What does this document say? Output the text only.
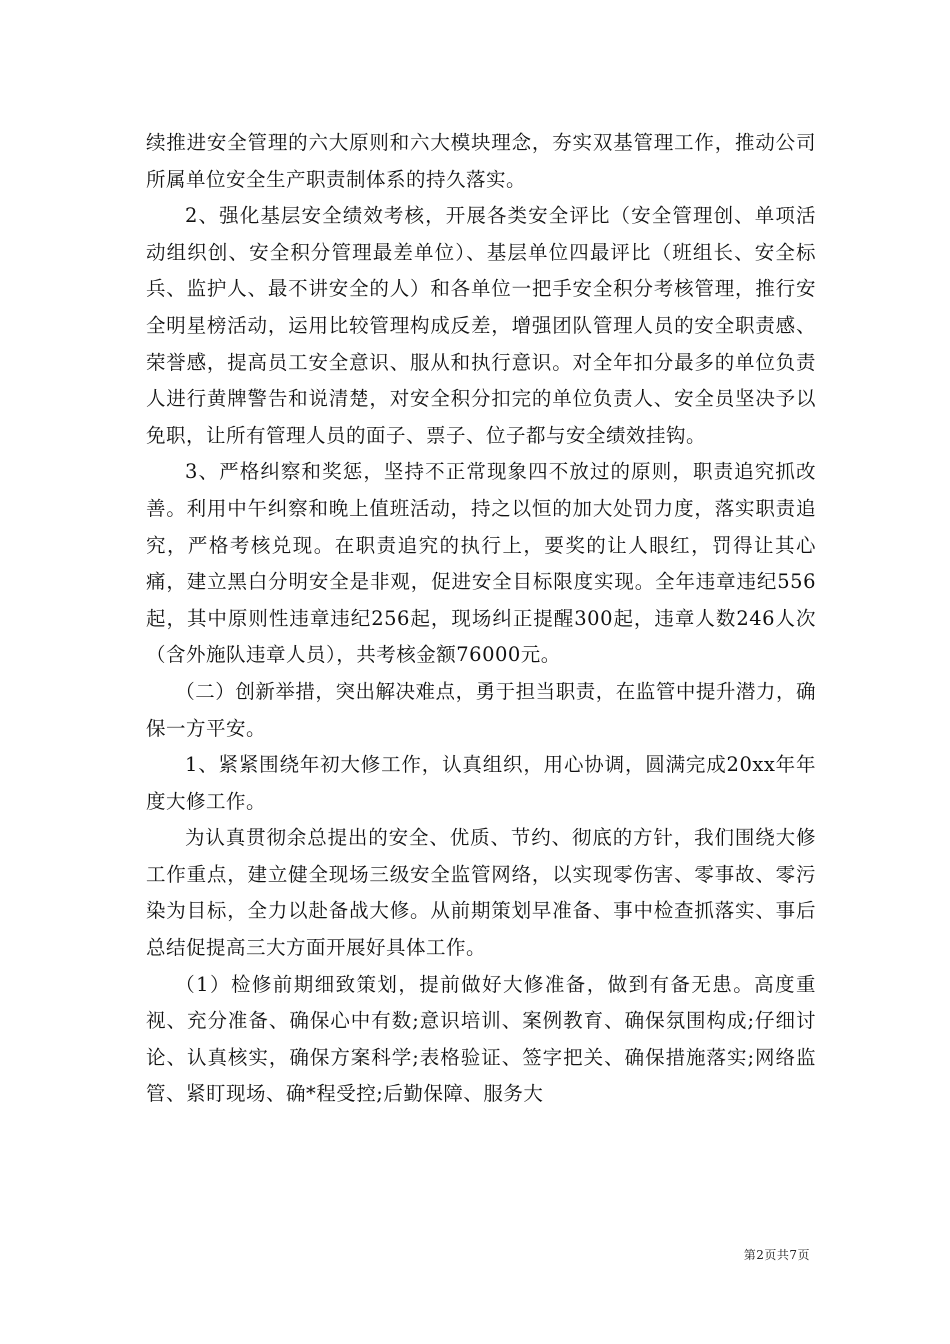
续推进安全管理的六大原则和六大模块理念，夯实双基管理工作，推动公司所属单位安全生产职责制体系的持久落实。

2、强化基层安全绩效考核，开展各类安全评比（安全管理创、单项活动组织创、安全积分管理最差单位）、基层单位四最评比（班组长、安全标兵、监护人、最不讲安全的人）和各单位一把手安全积分考核管理，推行安全明星榜活动，运用比较管理构成反差，增强团队管理人员的安全职责感、荣誉感，提高员工安全意识、服从和执行意识。对全年扣分最多的单位负责人进行黄牌警告和说清楚，对安全积分扣完的单位负责人、安全员坚决予以免职，让所有管理人员的面子、票子、位子都与安全绩效挂钩。

3、严格纠察和奖惩，坚持不正常现象四不放过的原则，职责追究抓改善。利用中午纠察和晚上值班活动，持之以恒的加大处罚力度，落实职责追究，严格考核兑现。在职责追究的执行上，要奖的让人眼红，罚得让其心痛，建立黑白分明安全是非观，促进安全目标限度实现。全年违章违纪556起，其中原则性违章违纪256起，现场纠正提醒300起，违章人数246人次（含外施队违章人员），共考核金额76000元。

（二）创新举措，突出解决难点，勇于担当职责，在监管中提升潜力，确保一方平安。

1、紧紧围绕年初大修工作，认真组织，用心协调，圆满完成20xx年年度大修工作。

为认真贯彻余总提出的安全、优质、节约、彻底的方针，我们围绕大修工作重点，建立健全现场三级安全监管网络，以实现零伤害、零事故、零污染为目标，全力以赴备战大修。从前期策划早准备、事中检查抓落实、事后总结促提高三大方面开展好具体工作。

（1）检修前期细致策划，提前做好大修准备，做到有备无患。高度重视、充分准备、确保心中有数;意识培训、案例教育、确保氛围构成;仔细讨论、认真核实，确保方案科学;表格验证、签字把关、确保措施落实;网络监管、紧盯现场、确*程受控;后勤保障、服务大

第2页共7页
